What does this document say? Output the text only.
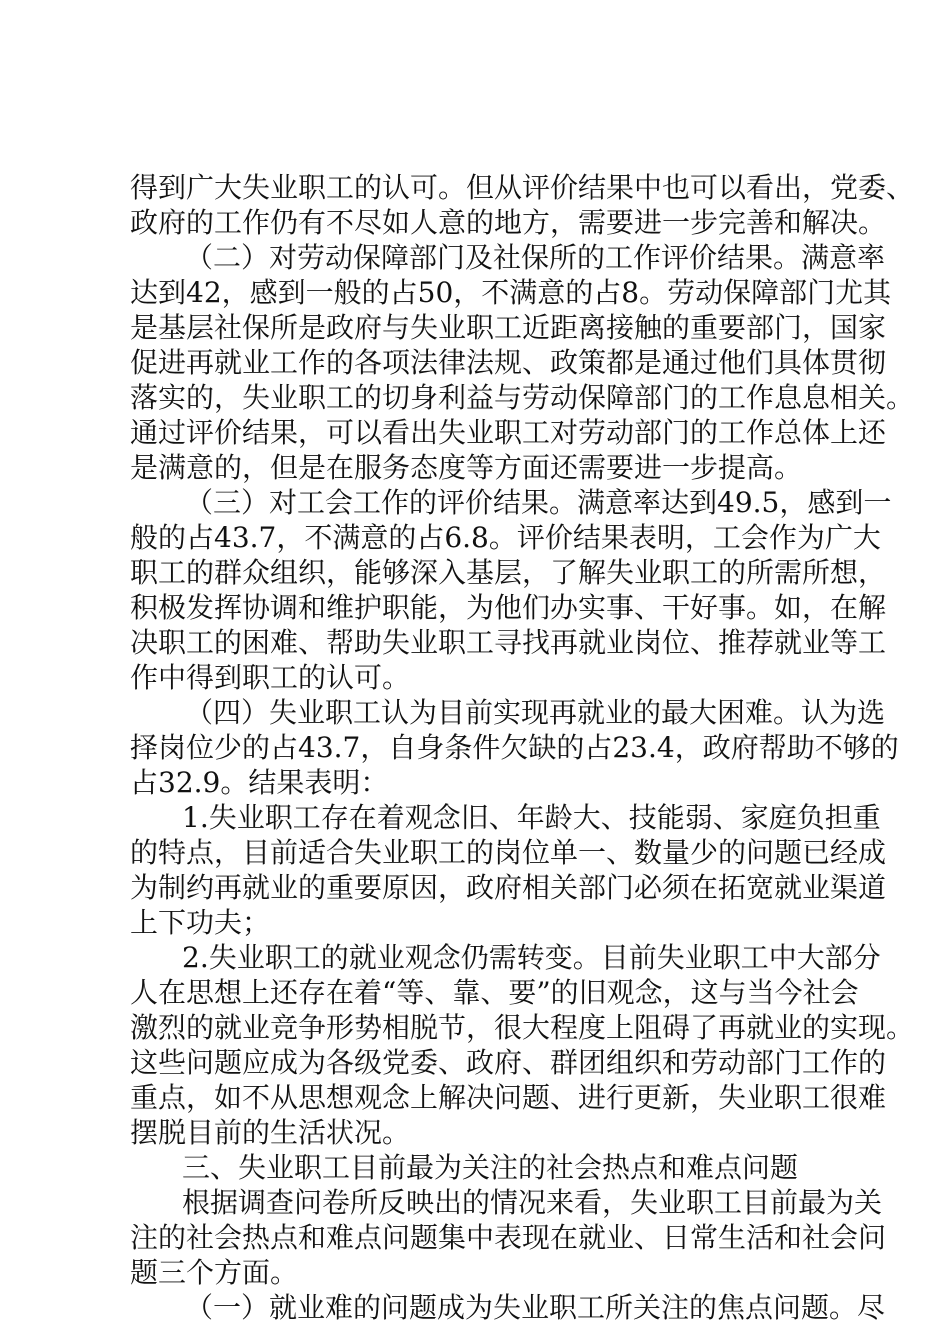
得到广大失业职工的认可。但从评价结果中也可以看出，党委、
政府的工作仍有不尽如人意的地方，需要进一步完善和解决。
（二）对劳动保障部门及社保所的工作评价结果。满意率
达到42，感到一般的占50，不满意的占8。劳动保障部门尤其
是基层社保所是政府与失业职工近距离接触的重要部门，国家
促进再就业工作的各项法律法规、政策都是通过他们具体贯彻
落实的，失业职工的切身利益与劳动保障部门的工作息息相关。
通过评价结果，可以看出失业职工对劳动部门的工作总体上还
是满意的，但是在服务态度等方面还需要进一步提高。
（三）对工会工作的评价结果。满意率达到49.5，感到一
般的占43.7，不满意的占6.8。评价结果表明，工会作为广大
职工的群众组织，能够深入基层，了解失业职工的所需所想，
积极发挥协调和维护职能，为他们办实事、干好事。如，在解
决职工的困难、帮助失业职工寻找再就业岗位、推荐就业等工
作中得到职工的认可。
（四）失业职工认为目前实现再就业的最大困难。认为选
择岗位少的占43.7，自身条件欠缺的占23.4，政府帮助不够的
占32.9。结果表明：
1.失业职工存在着观念旧、年龄大、技能弱、家庭负担重
的特点，目前适合失业职工的岗位单一、数量少的问题已经成
为制约再就业的重要原因，政府相关部门必须在拓宽就业渠道
上下功夫；
2.失业职工的就业观念仍需转变。目前失业职工中大部分
人在思想上还存在着“等、靠、要”的旧观念，这与当今社会
激烈的就业竞争形势相脱节，很大程度上阻碍了再就业的实现。
这些问题应成为各级党委、政府、群团组织和劳动部门工作的
重点，如不从思想观念上解决问题、进行更新，失业职工很难
摆脱目前的生活状况。
三、失业职工目前最为关注的社会热点和难点问题
根据调查问卷所反映出的情况来看，失业职工目前最为关
注的社会热点和难点问题集中表现在就业、日常生活和社会问
题三个方面。
（一）就业难的问题成为失业职工所关注的焦点问题。尽
